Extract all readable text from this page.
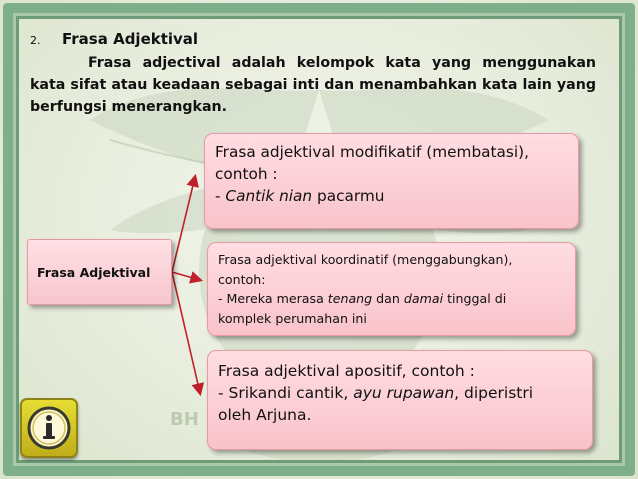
BH
2. Frasa Adjektival
Frasa adjectival adalah kelompok kata yang menggunakan kata sifat atau keadaan sebagai inti dan menambahkan kata lain yang berfungsi menerangkan.
Frasa Adjektival
Frasa adjektival modifikatif (membatasi),
contoh :
- Cantik nian pacarmu
Frasa adjektival koordinatif (menggabungkan),
contoh:
- Mereka merasa tenang dan damai tinggal di
komplek perumahan ini
Frasa adjektival apositif, contoh :
- Srikandi cantik, ayu rupawan, diperistri
oleh Arjuna.
